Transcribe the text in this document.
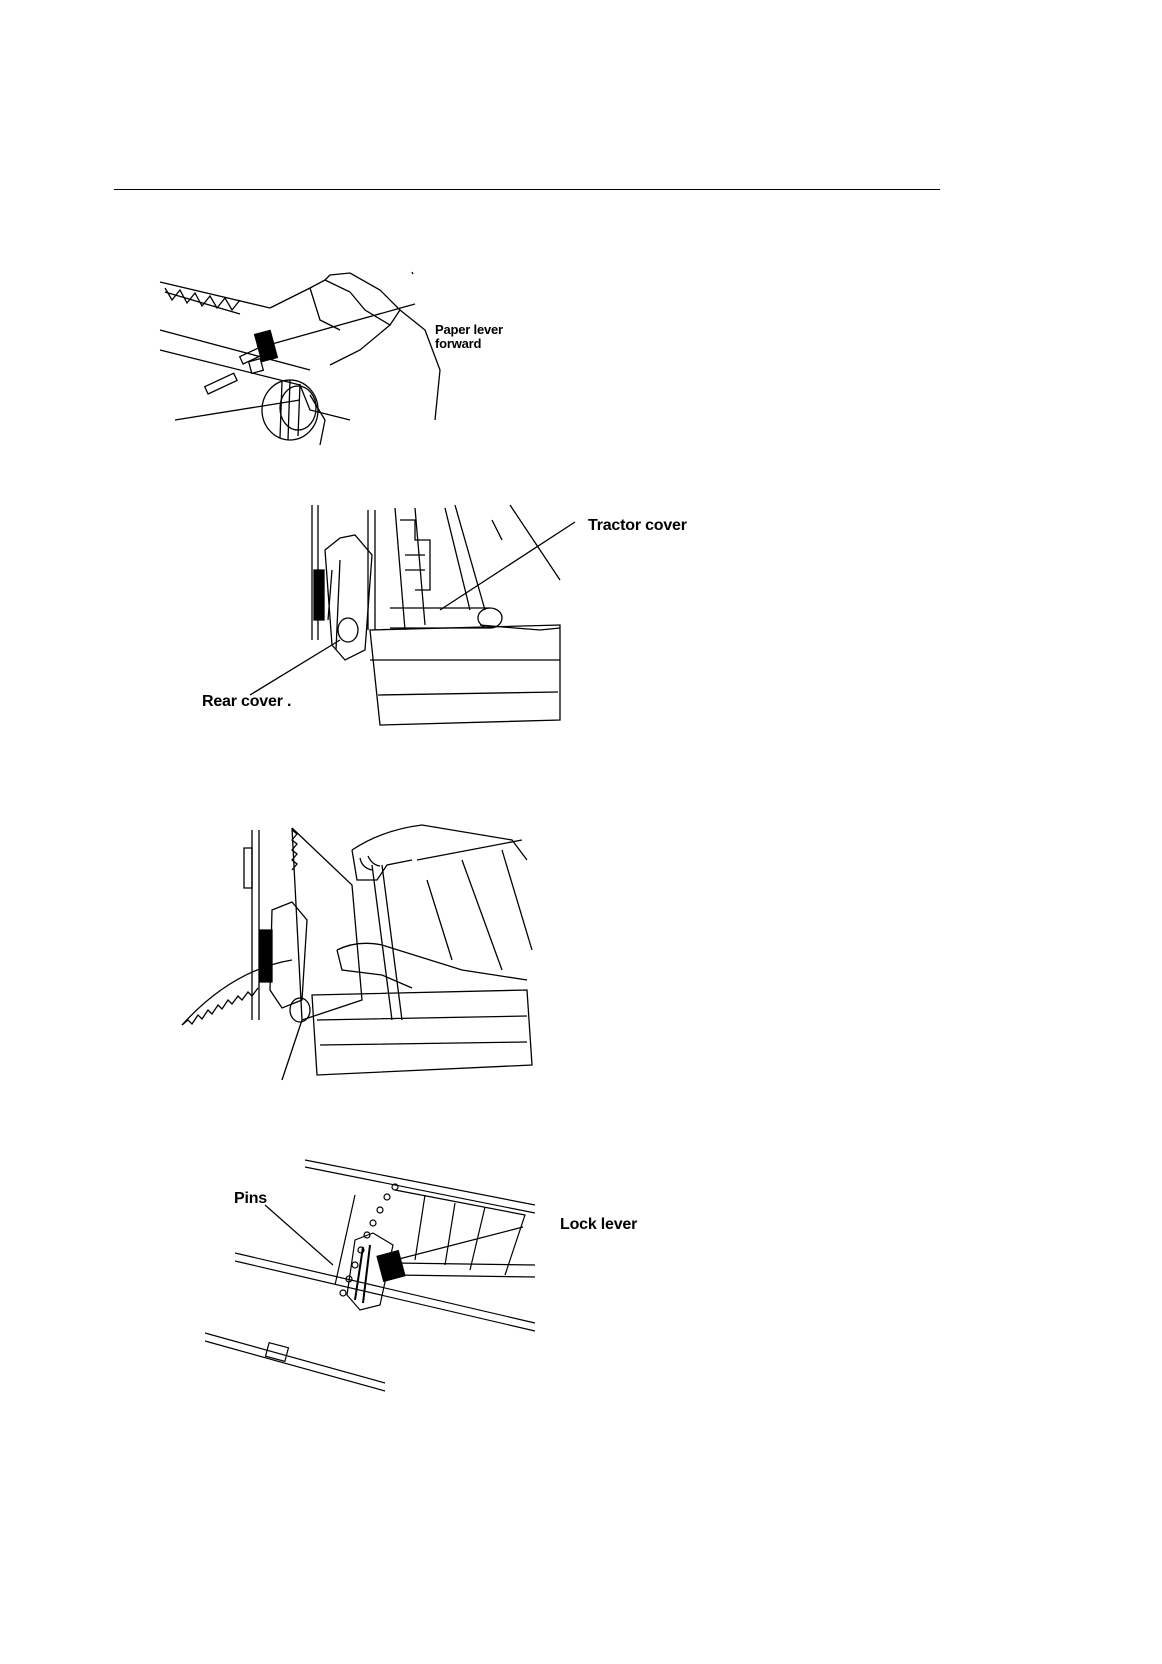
Paper lever
forward
Tractor cover
Rear cover .
Pins
Lock lever
